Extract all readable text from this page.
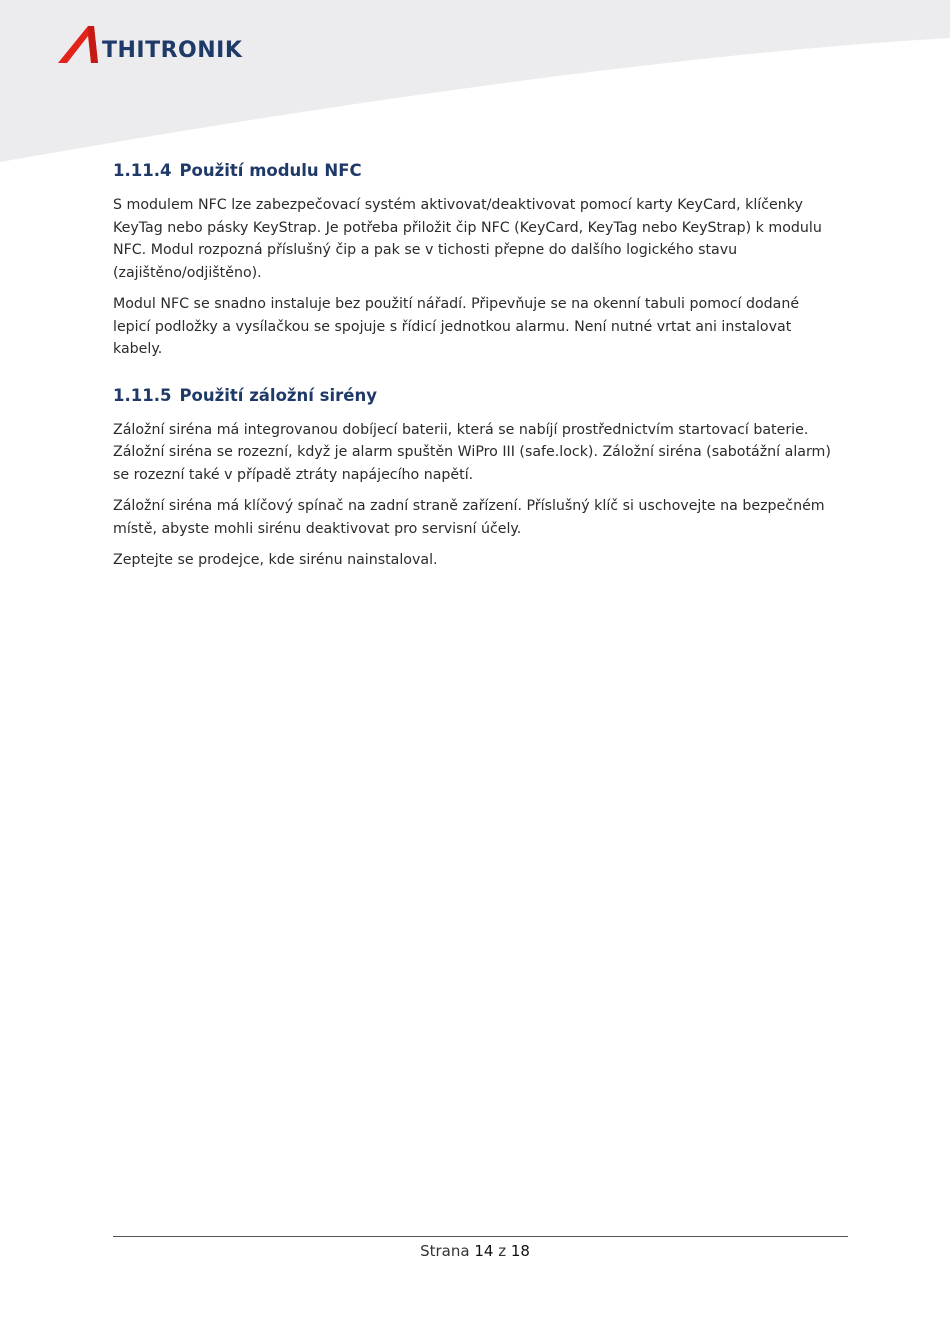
THITRONIK
1.11.4 Použití modulu NFC

S modulem NFC lze zabezpečovací systém aktivovat/deaktivovat pomocí karty KeyCard, klíčenky KeyTag nebo pásky KeyStrap. Je potřeba přiložit čip NFC (KeyCard, KeyTag nebo KeyStrap) k modulu NFC. Modul rozpozná příslušný čip a pak se v tichosti přepne do dalšího logického stavu (zajištěno/odjištěno).

Modul NFC se snadno instaluje bez použití nářadí. Připevňuje se na okenní tabuli pomocí dodané lepicí podložky a vysílačkou se spojuje s řídicí jednotkou alarmu. Není nutné vrtat ani instalovat kabely.

1.11.5 Použití záložní sirény

Záložní siréna má integrovanou dobíjecí baterii, která se nabíjí prostřednictvím startovací baterie. Záložní siréna se rozezní, když je alarm spuštěn WiPro III (safe.lock). Záložní siréna (sabotážní alarm) se rozezní také v případě ztráty napájecího napětí.

Záložní siréna má klíčový spínač na zadní straně zařízení. Příslušný klíč si uschovejte na bezpečném místě, abyste mohli sirénu deaktivovat pro servisní účely.

Zeptejte se prodejce, kde sirénu nainstaloval.

Strana 14 z 18
